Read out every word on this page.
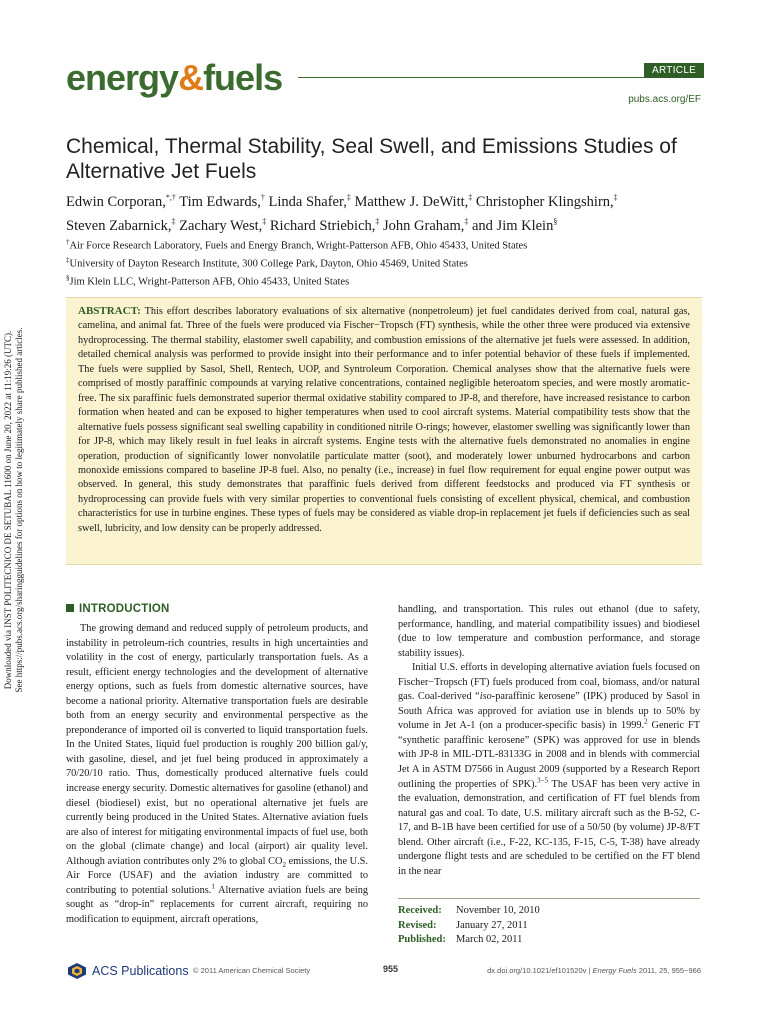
energy&fuels	ARTICLE
pubs.acs.org/EF
Chemical, Thermal Stability, Seal Swell, and Emissions Studies of Alternative Jet Fuels
Edwin Corporan,*,† Tim Edwards,† Linda Shafer,‡ Matthew J. DeWitt,‡ Christopher Klingshirn,‡
Steven Zabarnick,‡ Zachary West,‡ Richard Striebich,‡ John Graham,‡ and Jim Klein§
†Air Force Research Laboratory, Fuels and Energy Branch, Wright-Patterson AFB, Ohio 45433, United States
‡University of Dayton Research Institute, 300 College Park, Dayton, Ohio 45469, United States
§Jim Klein LLC, Wright-Patterson AFB, Ohio 45433, United States
ABSTRACT: This effort describes laboratory evaluations of six alternative (nonpetroleum) jet fuel candidates derived from coal, natural gas, camelina, and animal fat. Three of the fuels were produced via Fischer−Tropsch (FT) synthesis, while the other three were produced via extensive hydroprocessing. The thermal stability, elastomer swell capability, and combustion emissions of the alternative jet fuels were assessed. In addition, detailed chemical analysis was performed to provide insight into their performance and to infer potential behavior of these fuels if implemented. The fuels were supplied by Sasol, Shell, Rentech, UOP, and Syntroleum Corporation. Chemical analyses show that the alternative fuels were comprised of mostly paraffinic compounds at varying relative concentrations, contained negligible heteroatom species, and were mostly aromatic-free. The six paraffinic fuels demonstrated superior thermal oxidative stability compared to JP-8, and therefore, have increased resistance to carbon formation when heated and can be exposed to higher temperatures when used to cool aircraft systems. Material compatibility tests show that the alternative fuels possess significant seal swelling capability in conditioned nitrile O-rings; however, elastomer swelling was significantly lower than for JP-8, which may likely result in fuel leaks in aircraft systems. Engine tests with the alternative fuels demonstrated no anomalies in engine operation, production of significantly lower nonvolatile particulate matter (soot), and moderately lower unburned hydrocarbons and carbon monoxide emissions compared to baseline JP-8 fuel. Also, no penalty (i.e., increase) in fuel flow requirement for equal engine power output was observed. In general, this study demonstrates that paraffinic fuels derived from different feedstocks and produced via FT synthesis or hydroprocessing can provide fuels with very similar properties to conventional fuels consisting of excellent physical, chemical, and combustion characteristics for use in turbine engines. These types of fuels may be considered as viable drop-in replacement jet fuels if deficiencies such as seal swell, lubricity, and low density can be properly addressed.
Downloaded via INST POLITECNICO DE SETUBAL 11600 on June 20, 2022 at 11:19:26 (UTC). See https://pubs.acs.org/sharingguidelines for options on how to legitimately share published articles.	INTRODUCTION

The growing demand and reduced supply of petroleum products, and instability in petroleum-rich countries, results in high uncertainties and volatility in the cost of energy, particularly transportation fuels. As a result, efficient energy technologies and the development of alternative energy options, such as fuels from domestic alternative sources, have become a national priority. Alternative transportation fuels are desirable both from an energy security and environmental perspective as the preponderance of imported oil is converted to liquid transportation fuels. In the United States, liquid fuel production is roughly 200 billion gal/y, with gasoline, diesel, and jet fuel being produced in approximately a 70/20/10 ratio. Thus, domestically produced alternative fuels could increase energy security. Domestic alternatives for gasoline (ethanol) and diesel (biodiesel) exist, but no operational alternative jet fuels are currently being produced in the United States. Alternative aviation fuels are also of interest for mitigating environmental impacts of fuel use, both on the global (climate change) and local (airport) air quality level. Although aviation contributes only 2% to global $CO_2$ emissions, the U.S. Air Force (USAF) and the aviation industry are committed to contributing to potential solutions.$^1$ Alternative aviation fuels are being sought as “drop-in” replacements for current aircraft, requiring no modification to equipment, aircraft operations,

handling, and transportation. This rules out ethanol (due to safety, performance, handling, and material compatibility issues) and biodiesel (due to low temperature and combustion performance, and storage stability issues).

Initial U.S. efforts in developing alternative aviation fuels focused on Fischer−Tropsch (FT) fuels produced from coal, biomass, and/or natural gas. Coal-derived “iso-paraffinic kerosene” (IPK) produced by Sasol in South Africa was approved for aviation use in blends up to 50% by volume in Jet A-1 (on a producer-specific basis) in 1999.$^2$ Generic FT “synthetic paraffinic kerosene” (SPK) was approved for use in blends with JP-8 in MIL-DTL-83133G in 2008 and in blends with commercial Jet A in ASTM D7566 in August 2009 (supported by a Research Report outlining the properties of SPK).$^{3-5}$ The USAF has been very active in the evaluation, demonstration, and certification of FT fuel blends from natural gas and coal. To date, U.S. military aircraft such as the B-52, C-17, and B-1B have been certified for use of a 50/50 (by volume) JP-8/FT blend. Other aircraft (i.e., F-22, KC-135, F-15, C-5, T-38) have already undergone flight tests and are scheduled to be certified on the FT blend in the near

Received: November 10, 2010
Revised: January 27, 2011
Published: March 02, 2011
ACS Publications © 2011 American Chemical Society	955	dx.doi.org/10.1021/ef101520v | Energy Fuels 2011, 25, 955−966
